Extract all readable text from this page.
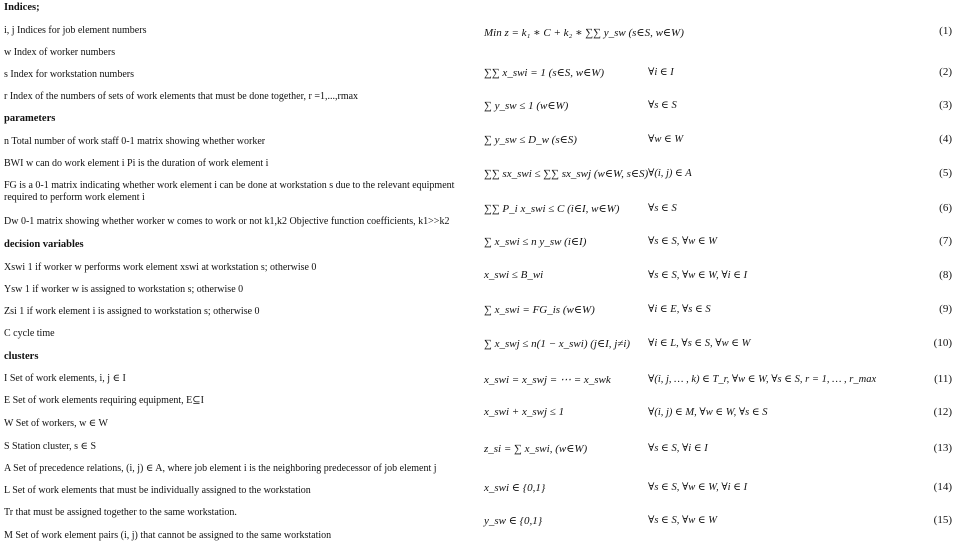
Indices;
i, j Indices for job element numbers
w Index of worker numbers
s Index for workstation numbers
r Index of the numbers of sets of work elements that must be done together, r =1,...,rmax
parameters
n Total number of work staff 0-1 matrix showing whether worker
BWI w can do work element i Pi is the duration of work element i
FG is a 0-1 matrix indicating whether work element i can be done at workstation s due to the relevant equipment required to perform work element i
Dw 0-1 matrix showing whether worker w comes to work or not k1,k2 Objective function coefficients, k1>>k2
decision variables
Xswi 1 if worker w performs work element xswi at workstation s; otherwise 0
Ysw 1 if worker w is assigned to workstation s; otherwise 0
Zsi 1 if work element i is assigned to workstation s; otherwise 0
C cycle time
clusters
I Set of work elements, i, j ∈ I
E Set of work elements requiring equipment, E⊆I
W Set of workers, w ∈ W
S Station cluster, s ∈ S
A Set of precedence relations, (i, j) ∈ A, where job element i is the neighboring predecessor of job element j
L Set of work elements that must be individually assigned to the workstation
Tr that must be assigned together to the same workstation.
M Set of work element pairs (i, j) that cannot be assigned to the same workstation
Min z = k₁ ∗ C + k₂ ∗ ∑∑ y_sw (s∈S, w∈W)	(1)
∑∑ x_swi = 1 (s∈S, w∈W)	∀i ∈ I	(2)
∑ y_sw ≤ 1 (w∈W)	∀s ∈ S	(3)
∑ y_sw ≤ D_w (s∈S)	∀w ∈ W	(4)
∑∑ sx_swi ≤ ∑∑ sx_swj (w∈W, s∈S) ∀(i, j) ∈ A	(5)
∑∑ P_i x_swi ≤ C (i∈I, w∈W)	∀s ∈ S	(6)
∑ x_swi ≤ n y_sw (i∈I)	∀s ∈ S, ∀w ∈ W	(7)
x_swi ≤ B_wi	∀s ∈ S, ∀w ∈ W, ∀i ∈ I	(8)
∑ x_swi = FG_is (w∈W)	∀i ∈ E, ∀s ∈ S	(9)
∑ x_swj ≤ n(1 − x_swi) (j∈I, j≠i) ∀i ∈ L, ∀s ∈ S, ∀w ∈ W	(10)
x_swi = x_swj = ⋯ = x_swk	∀(i, j, … , k) ∈ T_r, ∀w ∈ W, ∀s ∈ S, r = 1, … , r_max	(11)
x_swi + x_swj ≤ 1	∀(i, j) ∈ M, ∀w ∈ W, ∀s ∈ S	(12)
z_si = ∑ x_swi, (w∈W)	∀s ∈ S, ∀i ∈ I	(13)
x_swi ∈ {0,1}	∀s ∈ S, ∀w ∈ W, ∀i ∈ I	(14)
y_sw ∈ {0,1}	∀s ∈ S, ∀w ∈ W	(15)
